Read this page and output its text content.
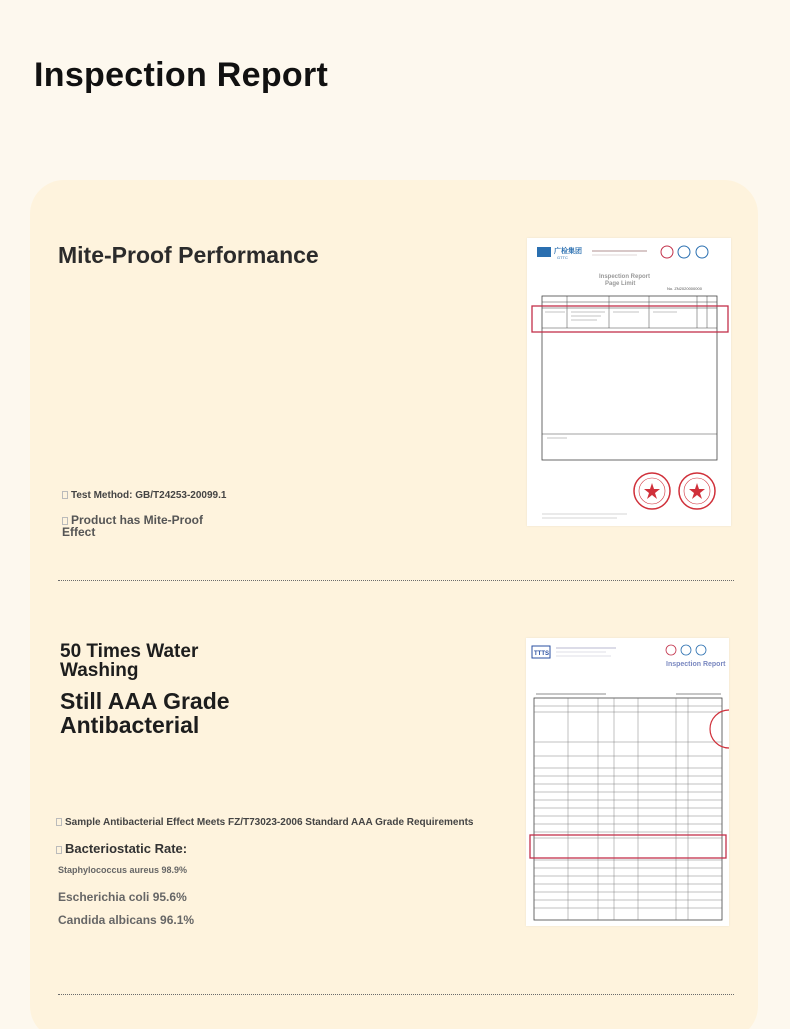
Inspection Report
Mite-Proof Performance
Test Method: GB/T24253-20099.1
Product has Mite-Proof Effect
广检集团
GTTC
Inspection Report
Page Limit
No. ZN2020000000
50 Times Water Washing
Still AAA Grade Antibacterial
Sample Antibacterial Effect Meets FZ/T73023-2006 Standard AAA Grade Requirements
Bacteriostatic Rate:
Staphylococcus aureus 98.9%
Escherichia coli 95.6%
Candida albicans 96.1%
TTTS
Inspection Report
